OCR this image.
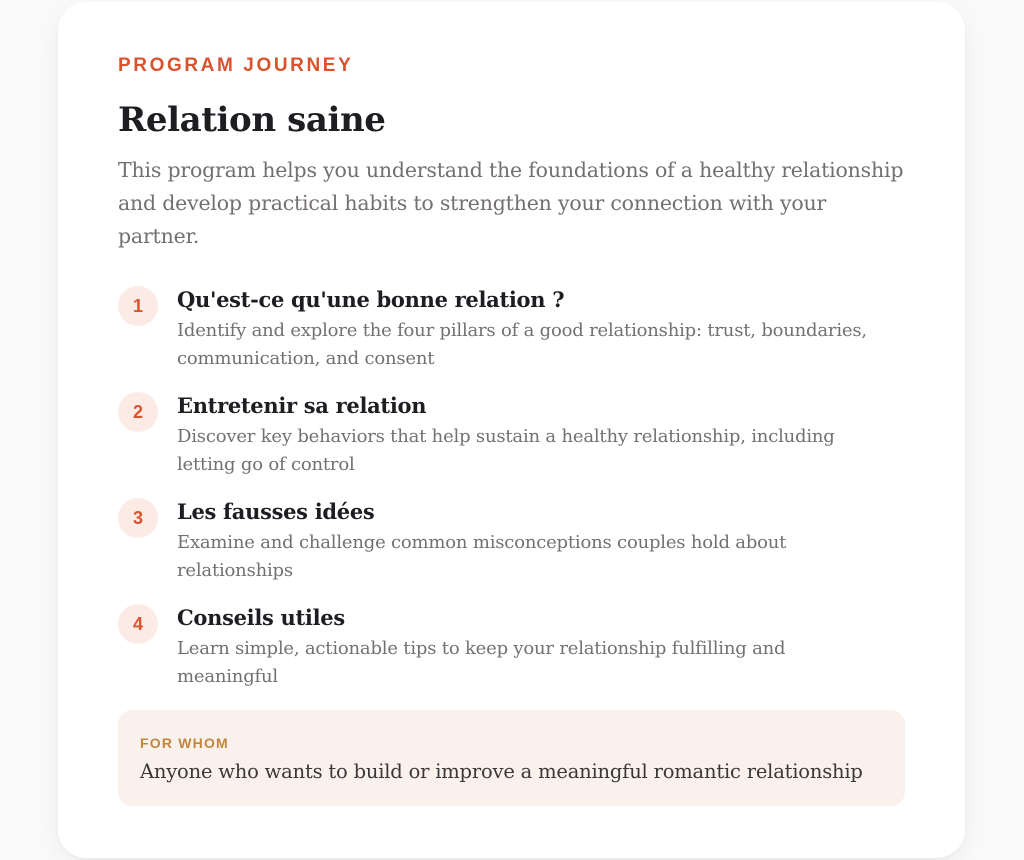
PROGRAM JOURNEY

Relation saine

This program helps you understand the foundations of a healthy relationship and develop practical habits to strengthen your connection with your partner.

1	Qu'est-ce qu'une bonne relation ?

Identify and explore the four pillars of a good relationship: trust, boundaries, communication, and consent

2	Entretenir sa relation

Discover key behaviors that help sustain a healthy relationship, including letting go of control

3	Les fausses idées

Examine and challenge common misconceptions couples hold about relationships

4	Conseils utiles

Learn simple, actionable tips to keep your relationship fulfilling and meaningful

FOR WHOM

Anyone who wants to build or improve a meaningful romantic relationship
